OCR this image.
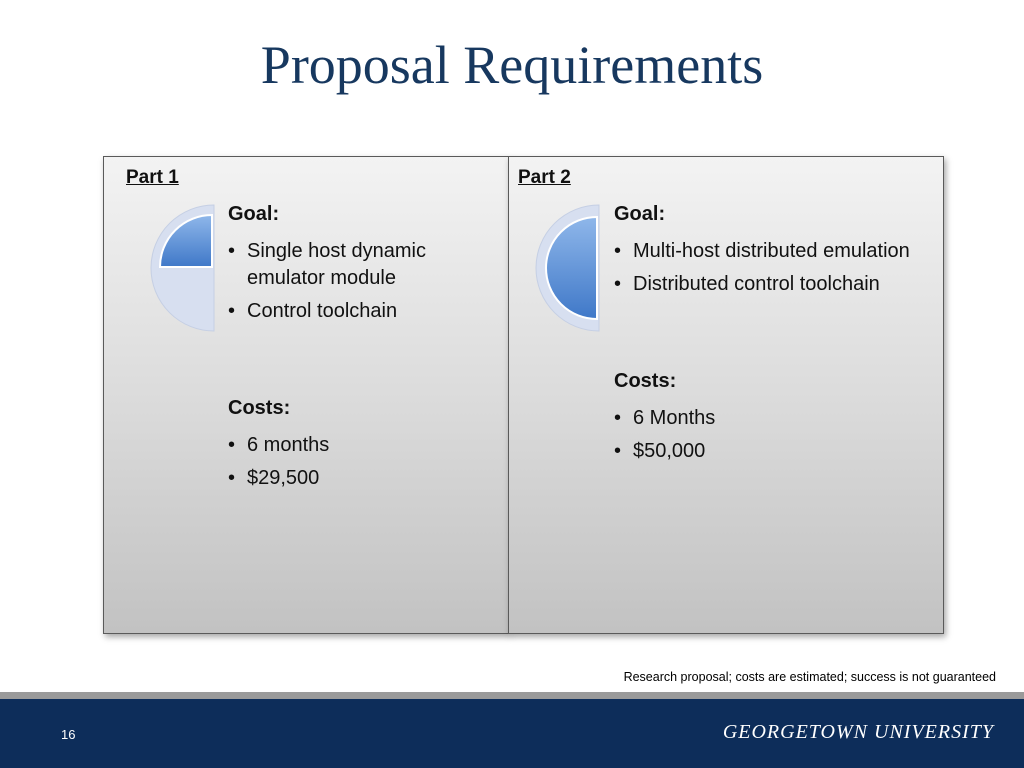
Proposal Requirements
Part 1
Goal:
• Single host dynamic emulator module
• Control toolchain
Costs:
• 6 months
• $29,500
Part 2
Goal:
• Multi-host distributed emulation
• Distributed control toolchain
Costs:
• 6 Months
• $50,000
Research proposal; costs are estimated; success is not guaranteed
16	GEORGETOWN UNIVERSITY
